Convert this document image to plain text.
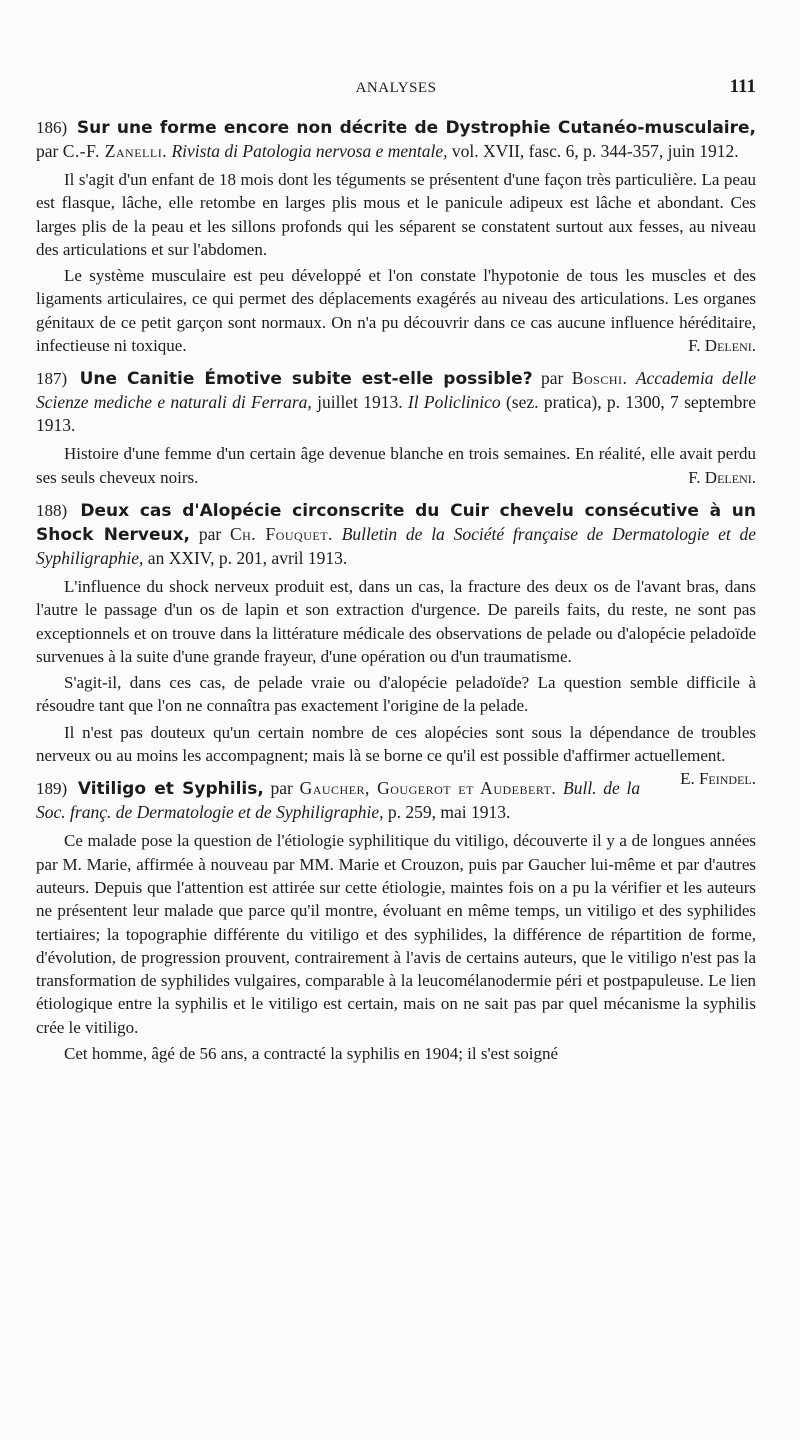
ANALYSES	111

186) Sur une forme encore non décrite de Dystrophie Cutanéo-musculaire, par C.-F. Zanelli. Rivista di Patologia nervosa e mentale, vol. XVII, fasc. 6, p. 344-357, juin 1912.

Il s'agit d'un enfant de 18 mois dont les téguments se présentent d'une façon très particulière. La peau est flasque, lâche, elle retombe en larges plis mous et le panicule adipeux est lâche et abondant. Ces larges plis de la peau et les sillons profonds qui les séparent se constatent surtout aux fesses, au niveau des articulations et sur l'abdomen.

Le système musculaire est peu développé et l'on constate l'hypotonie de tous les muscles et des ligaments articulaires, ce qui permet des déplacements exagérés au niveau des articulations. Les organes génitaux de ce petit garçon sont normaux. On n'a pu découvrir dans ce cas aucune influence héréditaire, infectieuse ni toxique.	F. Deleni.

187) Une Canitie Émotive subite est-elle possible? par Boschi. Accademia delle Scienze mediche e naturali di Ferrara, juillet 1913. Il Policlinico (sez. pratica), p. 1300, 7 septembre 1913.

Histoire d'une femme d'un certain âge devenue blanche en trois semaines. En réalité, elle avait perdu ses seuls cheveux noirs.	F. Deleni.

188) Deux cas d'Alopécie circonscrite du Cuir chevelu consécutive à un Shock Nerveux, par Ch. Fouquet. Bulletin de la Société française de Dermatologie et de Syphiligraphie, an XXIV, p. 201, avril 1913.

L'influence du shock nerveux produit est, dans un cas, la fracture des deux os de l'avant bras, dans l'autre le passage d'un os de lapin et son extraction d'urgence. De pareils faits, du reste, ne sont pas exceptionnels et on trouve dans la littérature médicale des observations de pelade ou d'alopécie peladoïde survenues à la suite d'une grande frayeur, d'une opération ou d'un traumatisme.

S'agit-il, dans ces cas, de pelade vraie ou d'alopécie peladoïde? La question semble difficile à résoudre tant que l'on ne connaîtra pas exactement l'origine de la pelade.

Il n'est pas douteux qu'un certain nombre de ces alopécies sont sous la dépendance de troubles nerveux ou au moins les accompagnent; mais là se borne ce qu'il est possible d'affirmer actuellement.
E. Feindel.

189) Vitiligo et Syphilis, par Gaucher, Gougerot et Audebert. Bull. de la Soc. franç. de Dermatologie et de Syphiligraphie, p. 259, mai 1913.

Ce malade pose la question de l'étiologie syphilitique du vitiligo, découverte il y a de longues années par M. Marie, affirmée à nouveau par MM. Marie et Crouzon, puis par Gaucher lui-même et par d'autres auteurs. Depuis que l'attention est attirée sur cette étiologie, maintes fois on a pu la vérifier et les auteurs ne présentent leur malade que parce qu'il montre, évoluant en même temps, un vitiligo et des syphilides tertiaires; la topographie différente du vitiligo et des syphilides, la différence de répartition de forme, d'évolution, de progression prouvent, contrairement à l'avis de certains auteurs, que le vitiligo n'est pas la transformation de syphilides vulgaires, comparable à la leucomélanodermie péri et postpapuleuse. Le lien étiologique entre la syphilis et le vitiligo est certain, mais on ne sait pas par quel mécanisme la syphilis crée le vitiligo.

Cet homme, âgé de 56 ans, a contracté la syphilis en 1904; il s'est soigné
